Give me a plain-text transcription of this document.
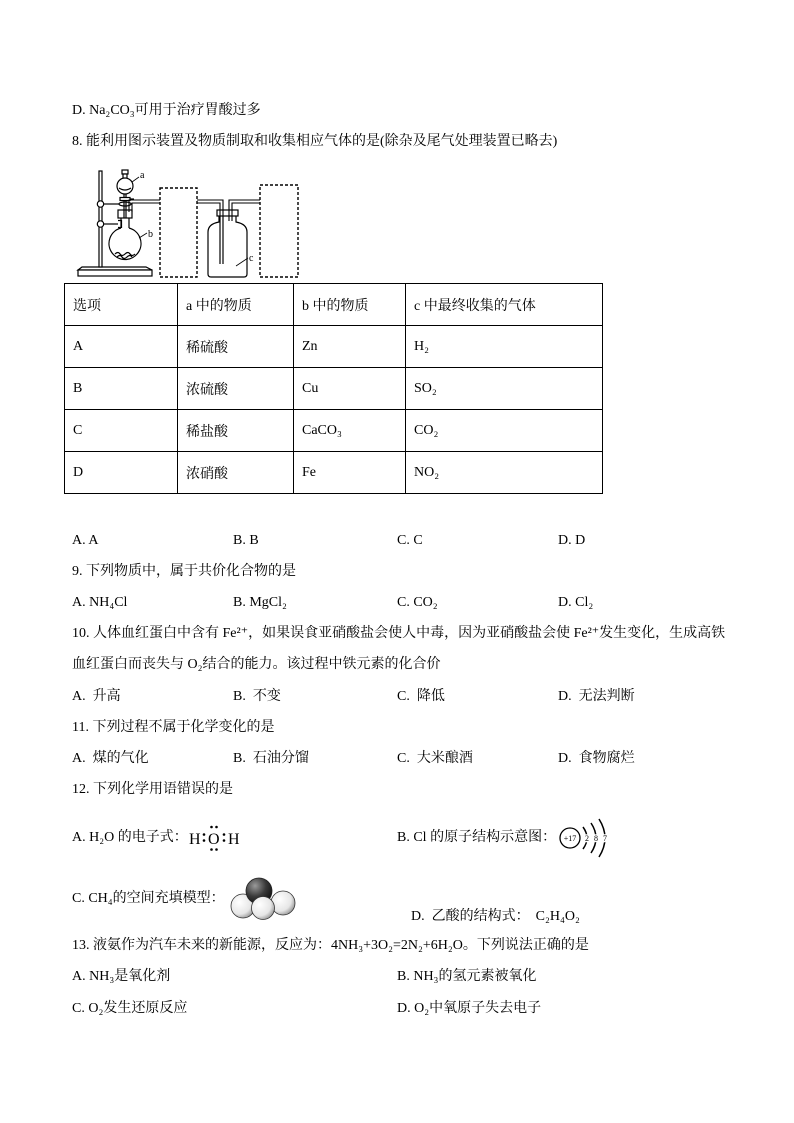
D. Na₂CO₃可用于治疗胃酸过多
8. 能利用图示装置及物质制取和收集相应气体的是(除杂及尾气处理装置已略去)
a
b
c
选项	a 中的物质	b 中的物质	c 中最终收集的气体
A	稀硫酸	Zn	H₂
B	浓硫酸	Cu	SO₂
C	稀盐酸	CaCO₃	CO₂
D	浓硝酸	Fe	NO₂
A. A	B. B	C. C	D. D
9. 下列物质中，属于共价化合物的是
A. NH₄Cl	B. MgCl₂	C. CO₂	D. Cl₂
10. 人体血红蛋白中含有 Fe²⁺，如果误食亚硝酸盐会使人中毒，因为亚硝酸盐会使 Fe²⁺发生变化，生成高铁
血红蛋白而丧失与 O₂结合的能力。该过程中铁元素的化合价
A.  升高	B.  不变	C.  降低	D.  无法判断
11. 下列过程不属于化学变化的是
A.  煤的气化	B.  石油分馏	C.  大米酿酒	D.  食物腐烂
12. 下列化学用语错误的是
A. H₂O 的电子式： H O H	B. Cl 的原子结构示意图： +17 2 8 7
C. CH₄的空间充填模型：

D.  乙酸的结构式： C₂H₄O₂

13. 液氨作为汽车未来的新能源，反应为：4NH₃+3O₂=2N₂+6H₂O。下列说法正确的是
A. NH₃是氧化剂	B. NH₃的氢元素被氧化
C. O₂发生还原反应	D. O₂中氧原子失去电子
